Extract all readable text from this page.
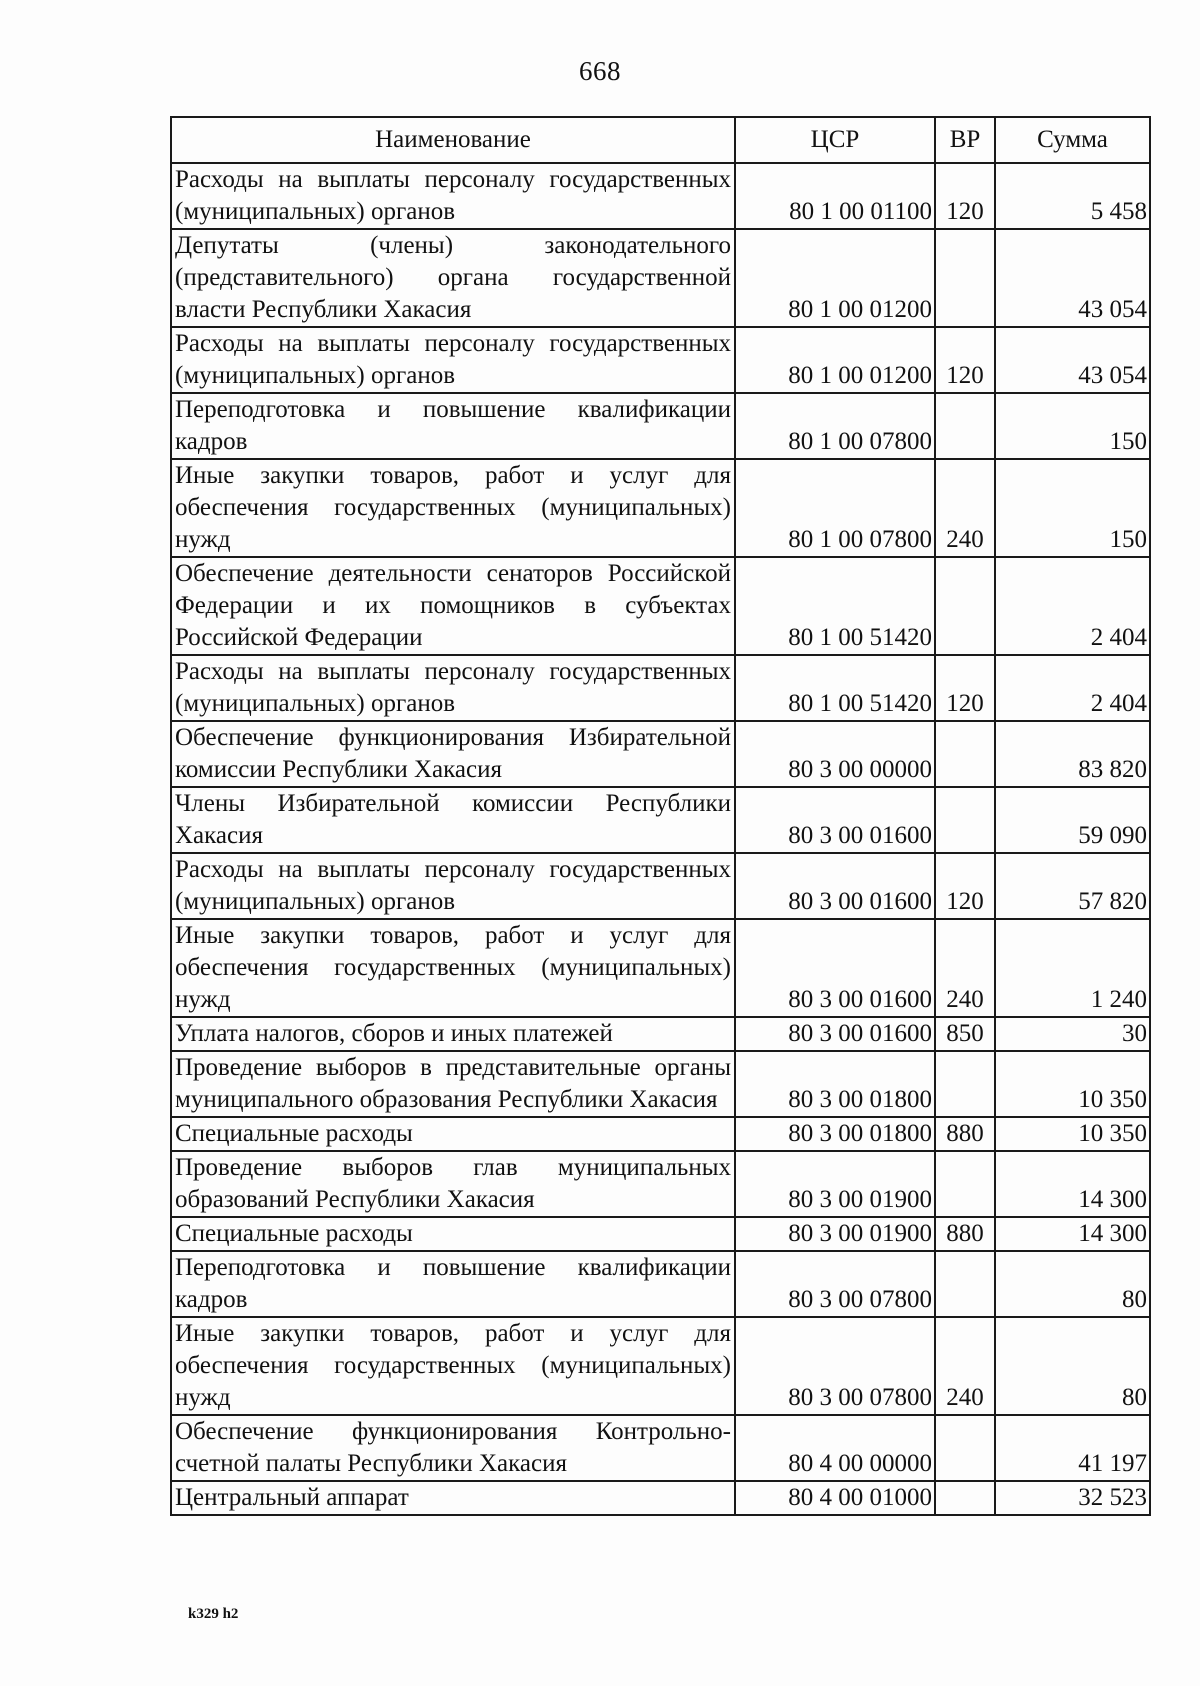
668
Наименование	ЦСР	ВР	Сумма
Расходы на выплаты персоналу государственных (муниципальных) органов	80 1 00 01100	120	5 458
Депутаты (члены) законодательного (представительного) органа государственной власти Республики Хакасия	80 1 00 01200		43 054
Расходы на выплаты персоналу государственных (муниципальных) органов	80 1 00 01200	120	43 054
Переподготовка и повышение квалификации кадров	80 1 00 07800		150
Иные закупки товаров, работ и услуг для обеспечения государственных (муниципальных) нужд	80 1 00 07800	240	150
Обеспечение деятельности сенаторов Российской Федерации и их помощников в субъектах Российской Федерации	80 1 00 51420		2 404
Расходы на выплаты персоналу государственных (муниципальных) органов	80 1 00 51420	120	2 404
Обеспечение функционирования Избирательной комиссии Республики Хакасия	80 3 00 00000		83 820
Члены Избирательной комиссии Республики Хакасия	80 3 00 01600		59 090
Расходы на выплаты персоналу государственных (муниципальных) органов	80 3 00 01600	120	57 820
Иные закупки товаров, работ и услуг для обеспечения государственных (муниципальных) нужд	80 3 00 01600	240	1 240
Уплата налогов, сборов и иных платежей	80 3 00 01600	850	30
Проведение выборов в представительные органы муниципального образования Республики Хакасия	80 3 00 01800		10 350
Специальные расходы	80 3 00 01800	880	10 350
Проведение выборов глав муниципальных образований Республики Хакасия	80 3 00 01900		14 300
Специальные расходы	80 3 00 01900	880	14 300
Переподготовка и повышение квалификации кадров	80 3 00 07800		80
Иные закупки товаров, работ и услуг для обеспечения государственных (муниципальных) нужд	80 3 00 07800	240	80
Обеспечение функционирования Контрольно-счетной палаты Республики Хакасия	80 4 00 00000		41 197
Центральный аппарат	80 4 00 01000		32 523
k329 h2
